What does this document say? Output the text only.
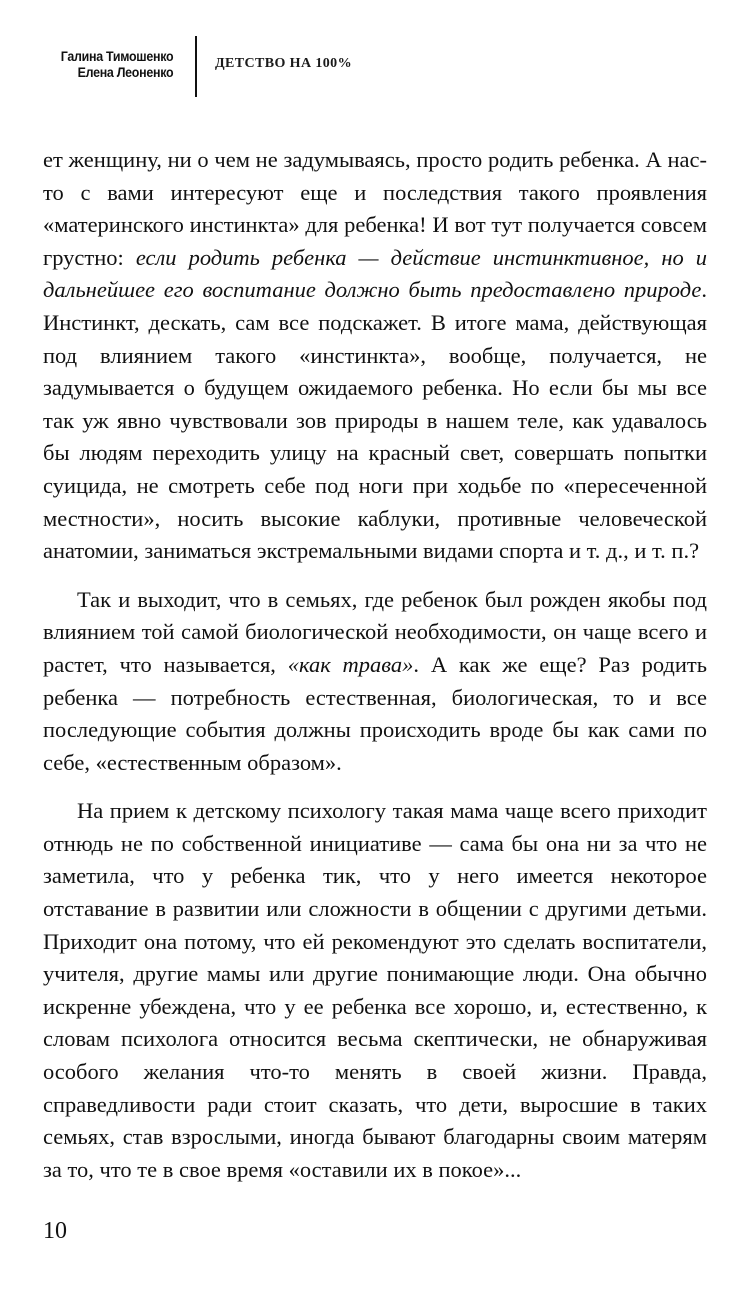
Галина Тимошенко
Елена Леоненко
ДЕТСТВО НА 100%

ет женщину, ни о чем не задумываясь, просто родить ребенка. А нас-то с вами интересуют еще и последствия такого проявления «материнского инстинкта» для ребенка! И вот тут получается совсем грустно: если родить ребенка — действие инстинктивное, но и дальнейшее его воспитание должно быть предоставлено природе. Инстинкт, дескать, сам все подскажет. В итоге мама, действующая под влиянием такого «инстинкта», вообще, получается, не задумывается о будущем ожидаемого ребенка. Но если бы мы все так уж явно чувствовали зов природы в нашем теле, как удавалось бы людям переходить улицу на красный свет, совершать попытки суицида, не смотреть себе под ноги при ходьбе по «пересеченной местности», носить высокие каблуки, противные человеческой анатомии, заниматься экстремальными видами спорта и т. д., и т. п.?

Так и выходит, что в семьях, где ребенок был рожден якобы под влиянием той самой биологической необходимости, он чаще всего и растет, что называется, «как трава». А как же еще? Раз родить ребенка — потребность естественная, биологическая, то и все последующие события должны происходить вроде бы как сами по себе, «естественным образом».

На прием к детскому психологу такая мама чаще всего приходит отнюдь не по собственной инициативе — сама бы она ни за что не заметила, что у ребенка тик, что у него имеется некоторое отставание в развитии или сложности в общении с другими детьми. Приходит она потому, что ей рекомендуют это сделать воспитатели, учителя, другие мамы или другие понимающие люди. Она обычно искренне убеждена, что у ее ребенка все хорошо, и, естественно, к словам психолога относится весьма скептически, не обнаруживая особого желания что-то менять в своей жизни. Правда, справедливости ради стоит сказать, что дети, выросшие в таких семьях, став взрослыми, иногда бывают благодарны своим матерям за то, что те в свое время «оставили их в покое»...

10
